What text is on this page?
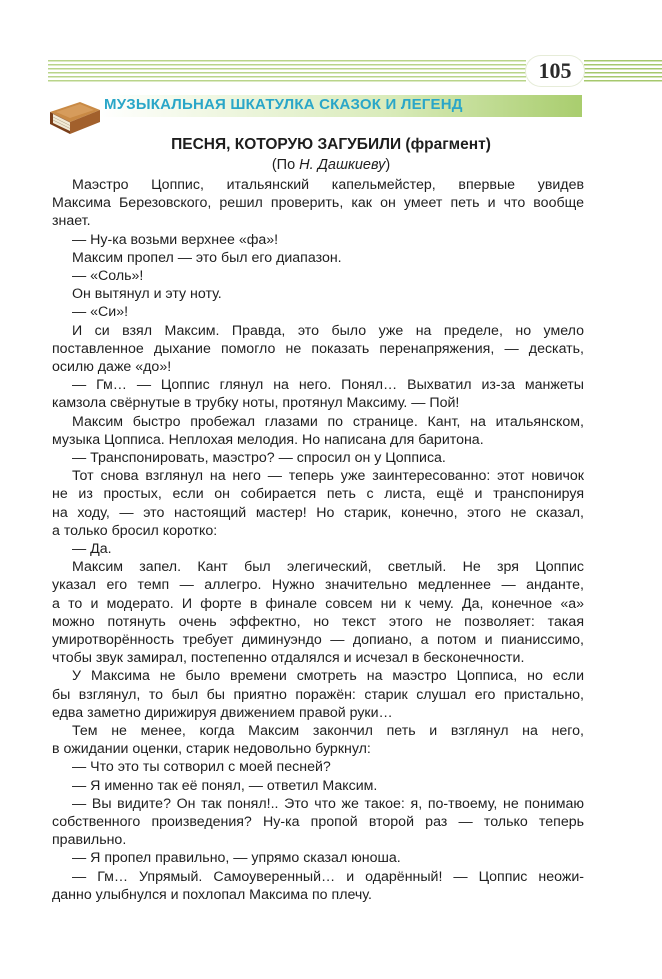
105
МУЗЫКАЛЬНАЯ ШКАТУЛКА СКАЗОК И ЛЕГЕНД
ПЕСНЯ, КОТОРУЮ ЗАГУБИЛИ (фрагмент)
(По Н. Дашкиеву)
Маэстро Цоппис, итальянский капельмейстер, впервые увидев
Максима Березовского, решил проверить, как он умеет петь и что вообще
знает.
— Ну-ка возьми верхнее «фа»!
Максим пропел — это был его диапазон.
— «Соль»!
Он вытянул и эту ноту.
— «Си»!
И си взял Максим. Правда, это было уже на пределе, но умело
поставленное дыхание помогло не показать перенапряжения, — дескать,
осилю даже «до»!
— Гм… — Цоппис глянул на него. Понял… Выхватил из-за манжеты
камзола свёрнутые в трубку ноты, протянул Максиму. — Пой!
Максим быстро пробежал глазами по странице. Кант, на итальянском,
музыка Цопписа. Неплохая мелодия. Но написана для баритона.
— Транспонировать, маэстро? — спросил он у Цопписа.
Тот снова взглянул на него — теперь уже заинтересованно: этот новичок
не из простых, если он собирается петь с листа, ещё и транспонируя
на ходу, — это настоящий мастер! Но старик, конечно, этого не сказал,
а только бросил коротко:
— Да.
Максим запел. Кант был элегический, светлый. Не зря Цоппис
указал его темп — аллегро. Нужно значительно медленнее — анданте,
а то и модерато. И форте в финале совсем ни к чему. Да, конечное «а»
можно потянуть очень эффектно, но текст этого не позволяет: такая
умиротворённость требует диминуэндо — допиано, а потом и пианиссимо,
чтобы звук замирал, постепенно отдалялся и исчезал в бесконечности.
У Максима не было времени смотреть на маэстро Цопписа, но если
бы взглянул, то был бы приятно поражён: старик слушал его пристально,
едва заметно дирижируя движением правой руки…
Тем не менее, когда Максим закончил петь и взглянул на него,
в ожидании оценки, старик недовольно буркнул:
— Что это ты сотворил с моей песней?
— Я именно так её понял, — ответил Максим.
— Вы видите? Он так понял!.. Это что же такое: я, по-твоему, не понимаю
собственного произведения? Ну-ка пропой второй раз — только теперь
правильно.
— Я пропел правильно, — упрямо сказал юноша.
— Гм… Упрямый. Самоуверенный… и одарённый! — Цоппис неожи-
данно улыбнулся и похлопал Максима по плечу.
